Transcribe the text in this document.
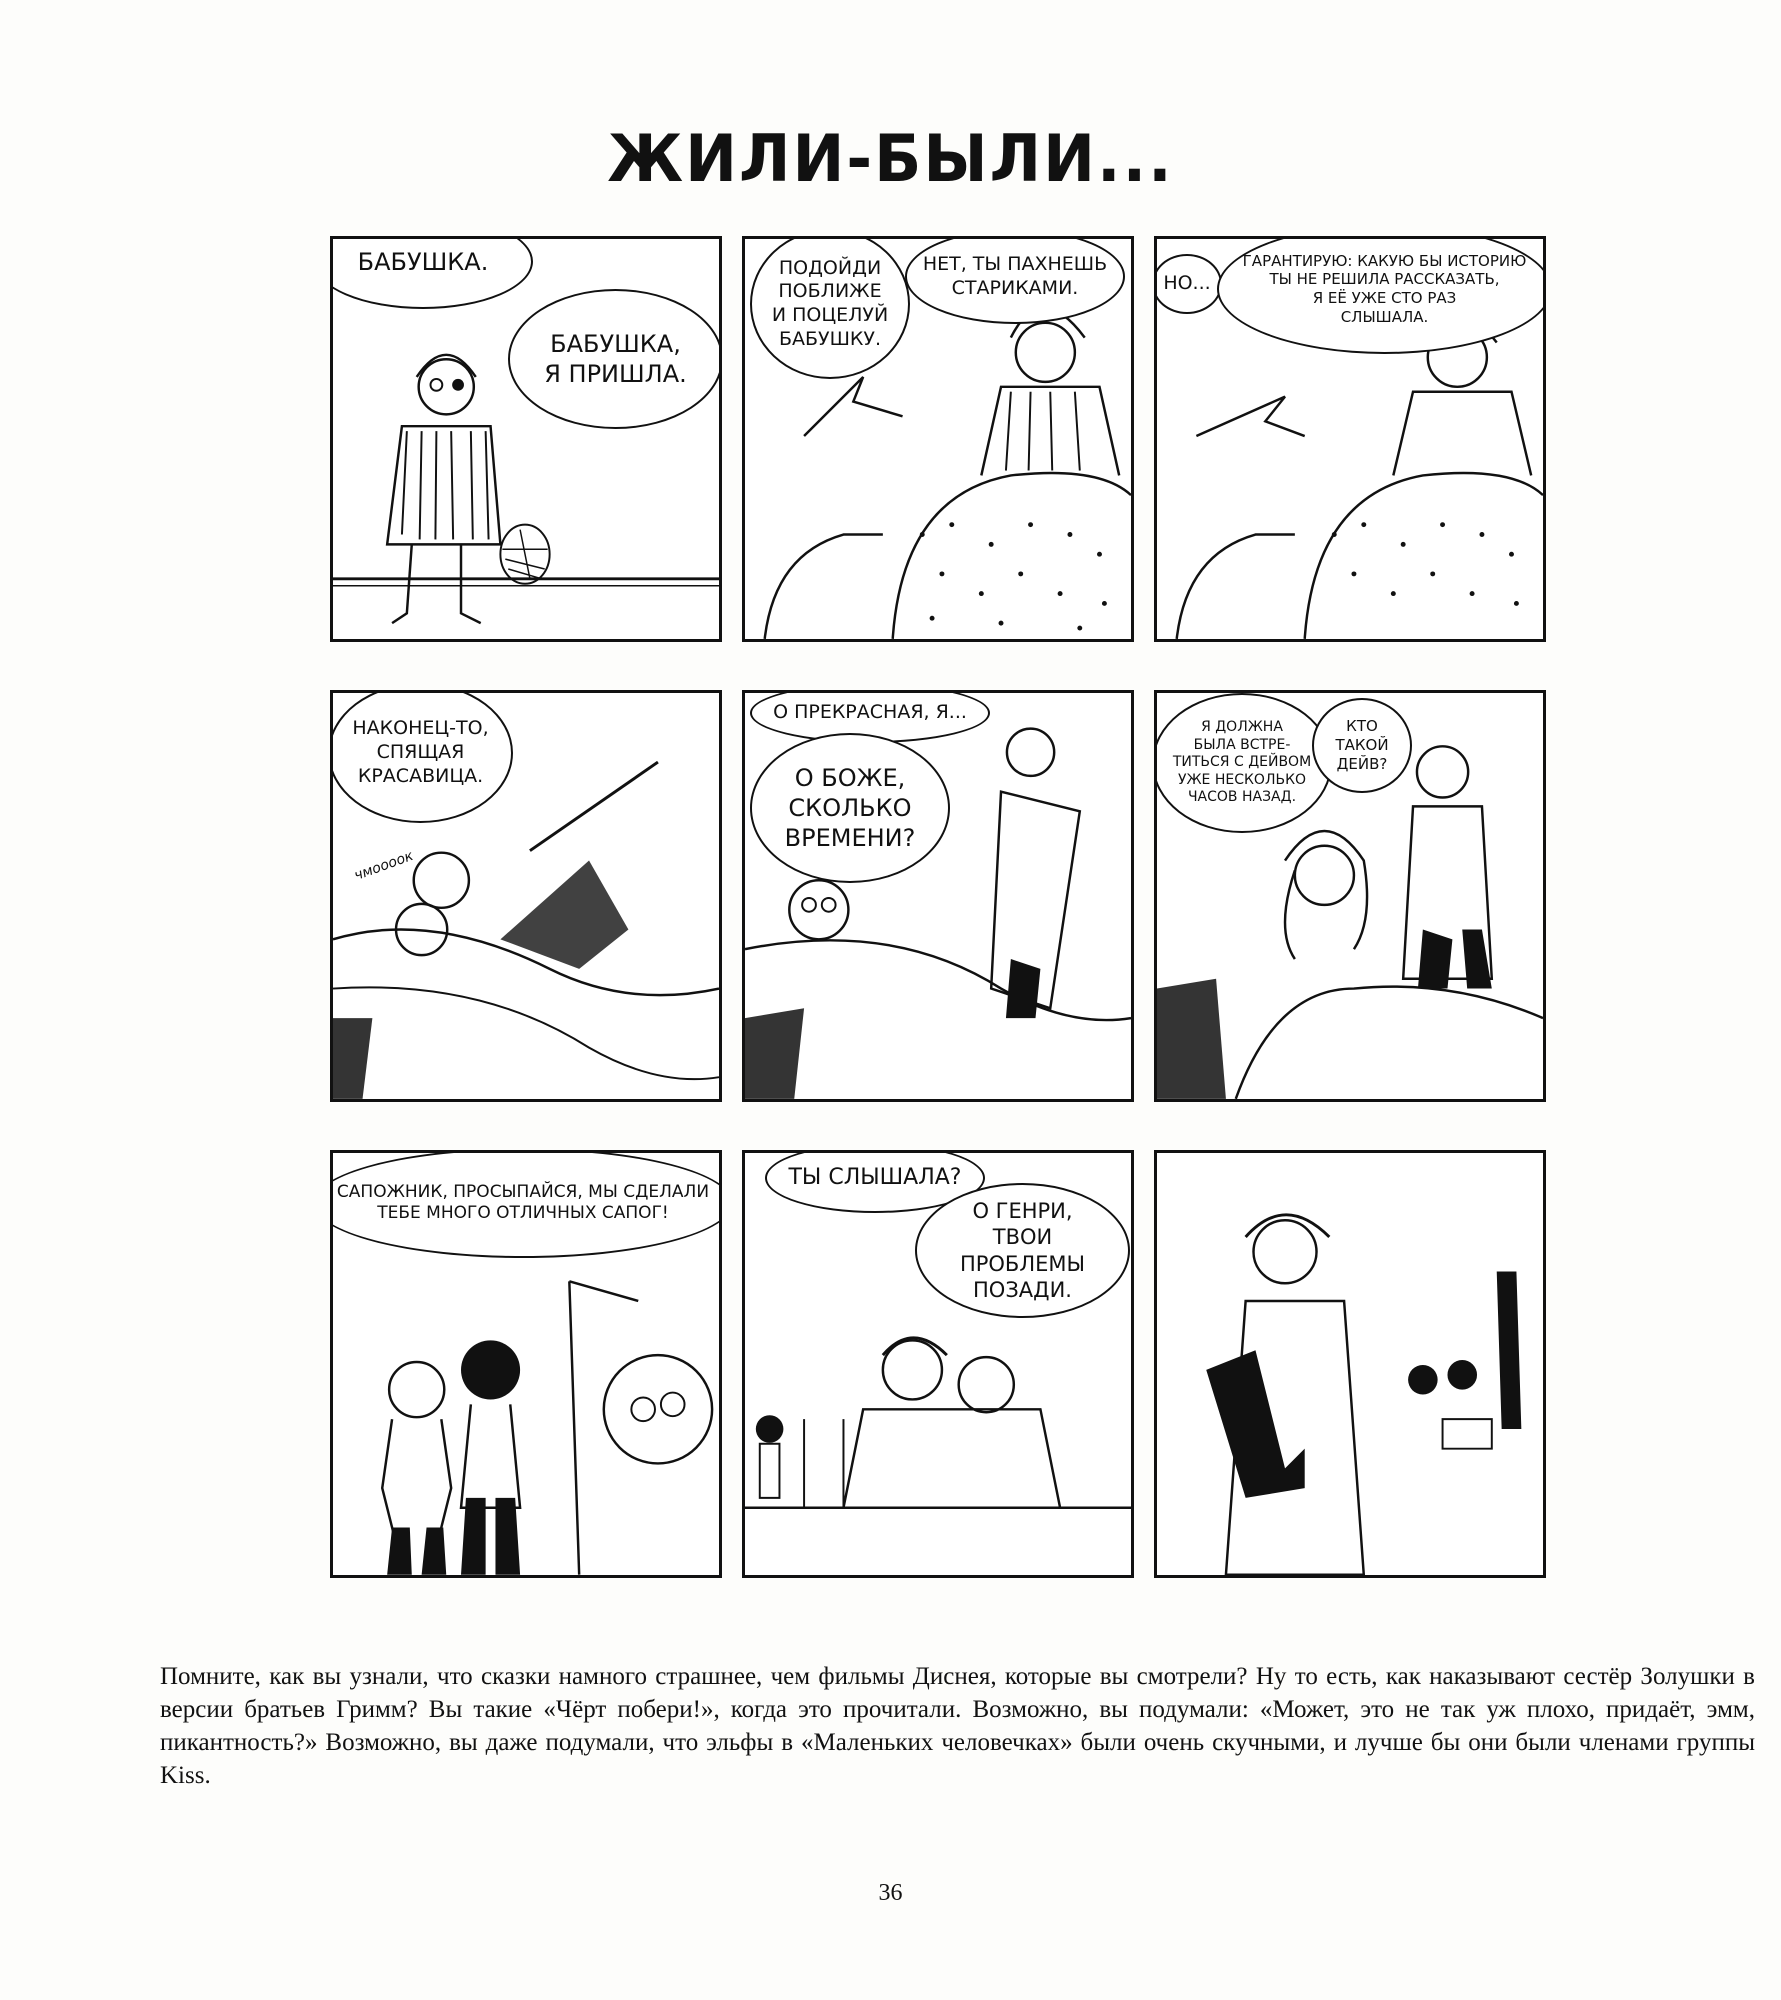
ЖИЛИ-БЫЛИ...
БАБУШКА.
БАБУШКА,
Я ПРИШЛА.
ПОДОЙДИ
ПОБЛИЖЕ
И ПОЦЕЛУЙ
БАБУШКУ.
НЕТ, ТЫ ПАХНЕШЬ
СТАРИКАМИ.	НО...
ГАРАНТИРУЮ: КАКУЮ БЫ ИСТОРИЮ
ТЫ НЕ РЕШИЛА РАССКАЗАТЬ,
Я ЕЁ УЖЕ СТО РАЗ
СЛЫШАЛА.
НАКОНЕЦ-ТО,
СПЯЩАЯ
КРАСАВИЦА.
чмоооок
О ПРЕКРАСНАЯ, Я...
О БОЖЕ,
СКОЛЬКО
ВРЕМЕНИ?
Я ДОЛЖНА
БЫЛА ВСТРЕ-
ТИТЬСЯ С ДЕЙВОМ
УЖЕ НЕСКОЛЬКО
ЧАСОВ НАЗАД.
КТО
ТАКОЙ
ДЕЙВ?
САПОЖНИК, ПРОСЫПАЙСЯ, МЫ СДЕЛАЛИ
ТЕБЕ МНОГО ОТЛИЧНЫХ САПОГ!
ТЫ СЛЫШАЛА?
О ГЕНРИ,
ТВОИ ПРОБЛЕМЫ
ПОЗАДИ.
Помните, как вы узнали, что сказки намного страшнее, чем фильмы Диснея, которые вы смотрели? Ну то есть, как наказывают сестёр Золушки в версии братьев Гримм? Вы такие «Чёрт побери!», когда это прочитали. Возможно, вы подумали: «Может, это не так уж плохо, придаёт, эмм, пикантность?» Возможно, вы даже подумали, что эльфы в «Маленьких человечках» были очень скучными, и лучше бы они были членами группы Kiss.
36
